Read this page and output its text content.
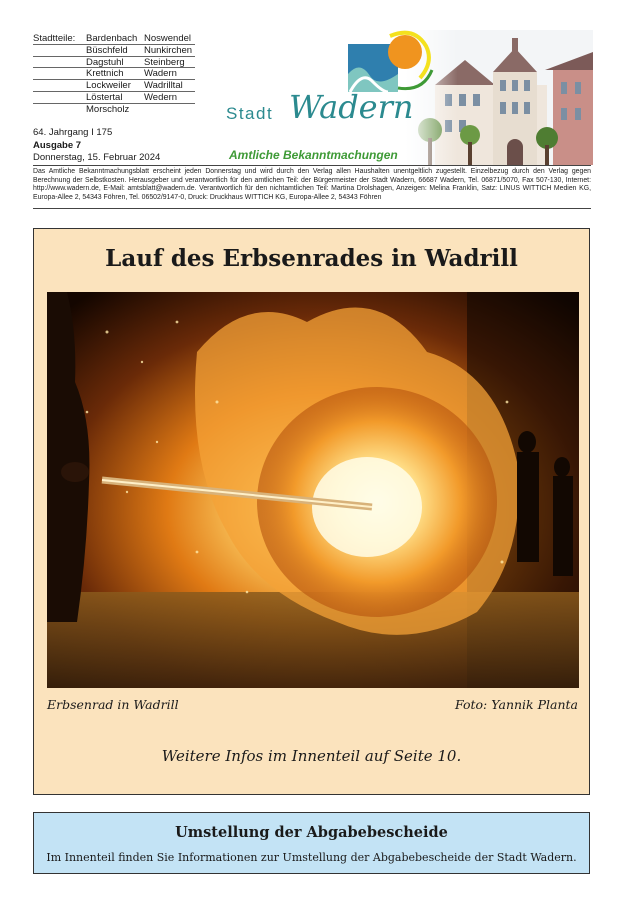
Stadtteile: Bardenbach Noswendel
Büschfeld Nunkirchen
Dagstuhl Steinberg
Krettnich Wadern
Lockweiler Wadrilltal
Löstertal Wedern
Morscholz
64. Jahrgang I 175
Ausgabe 7
Donnerstag, 15. Februar 2024
Stadt Wadern
Amtliche Bekanntmachungen
Das Amtliche Bekanntmachungsblatt erscheint jeden Donnerstag und wird durch den Verlag allen Haushalten unentgeltlich zugestellt. Einzelbezug durch den Verlag gegen Berechnung der Selbstkosten. Herausgeber und verantwortlich für den amtlichen Teil: der Bürgermeister der Stadt Wadern, 66687 Wadern, Tel. 06871/5070, Fax 507-130, Internet: http://www.wadern.de, E-Mail: amtsblatt@wadern.de. Verantwortlich für den nichtamtlichen Teil: Martina Drolshagen, Anzeigen: Melina Franklin, Satz: LINUS WITTICH Medien KG, Europa-Allee 2, 54343 Föhren, Tel. 06502/9147-0, Druck: Druckhaus WITTICH KG, Europa-Allee 2, 54343 Föhren
Lauf des Erbsenrades in Wadrill
Erbsenrad in Wadrill	Foto: Yannik Planta
Weitere Infos im Innenteil auf Seite 10.
Umstellung der Abgabebescheide
Im Innenteil finden Sie Informationen zur Umstellung der Abgabebescheide der Stadt Wadern.
